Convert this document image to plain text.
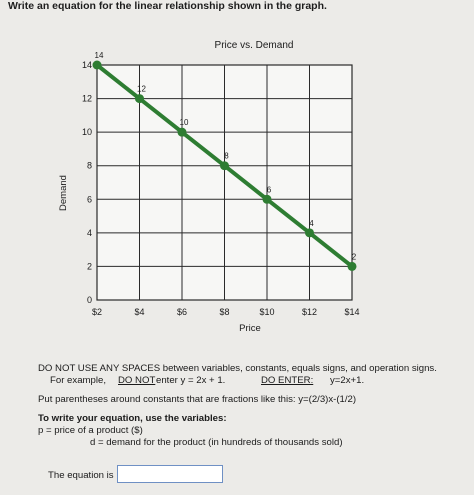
Write an equation for the linear relationship shown in the graph.

Price vs. Demand
Demand
Price
0
2
4
6
8
10
12
14
$2	$4	$6	$8	$10	$12	$14
14
12
10
8
6
4
2

DO NOT USE ANY SPACES between variables, constants, equals signs, and operation signs.

For example, DO NOT enter y = 2x + 1.	DO ENTER: y=2x+1.

Put parentheses around constants that are fractions like this: y=(2/3)x-(1/2)

To write your equation, use the variables:

p = price of a product ($)

d = demand for the product (in hundreds of thousands sold)

The equation is
